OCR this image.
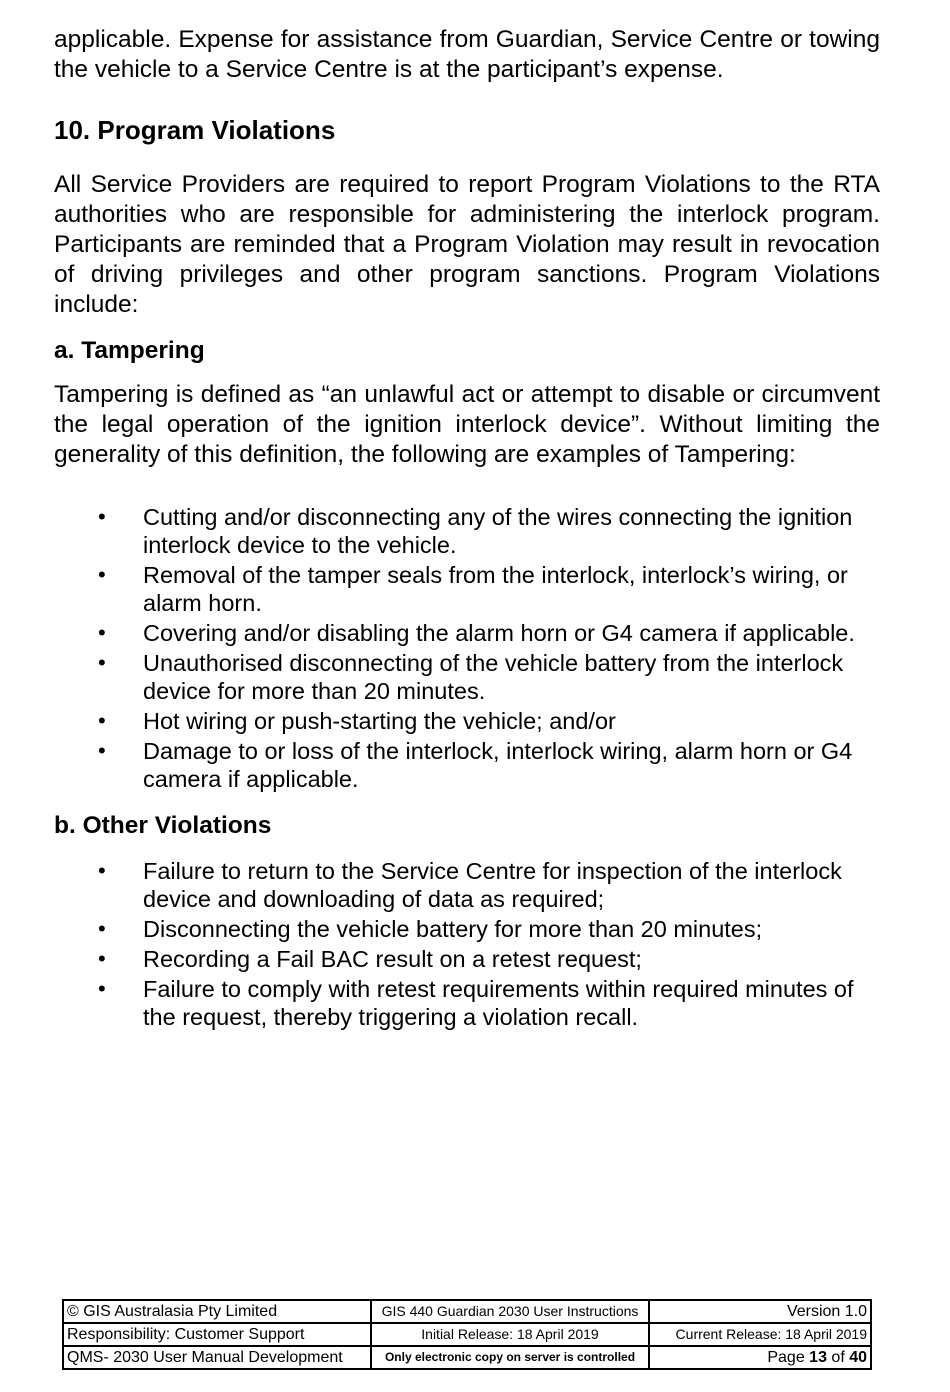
applicable. Expense for assistance from Guardian, Service Centre or towing the vehicle to a Service Centre is at the participant’s expense.

10. Program Violations

All Service Providers are required to report Program Violations to the RTA authorities who are responsible for administering the interlock program. Participants are reminded that a Program Violation may result in revocation of driving privileges and other program sanctions. Program Violations include:

a. Tampering

Tampering is defined as “an unlawful act or attempt to disable or circumvent the legal operation of the ignition interlock device”. Without limiting the generality of this definition, the following are examples of Tampering:

• Cutting and/or disconnecting any of the wires connecting the ignition interlock device to the vehicle.
• Removal of the tamper seals from the interlock, interlock’s wiring, or alarm horn.
• Covering and/or disabling the alarm horn or G4 camera if applicable.
• Unauthorised disconnecting of the vehicle battery from the interlock device for more than 20 minutes.
• Hot wiring or push-starting the vehicle; and/or
• Damage to or loss of the interlock, interlock wiring, alarm horn or G4 camera if applicable.
b. Other Violations
• Failure to return to the Service Centre for inspection of the interlock device and downloading of data as required;
• Disconnecting the vehicle battery for more than 20 minutes;
• Recording a Fail BAC result on a retest request;
• Failure to comply with retest requirements within required minutes of the request, thereby triggering a violation recall.
© GIS Australasia Pty Limited	GIS 440 Guardian 2030 User Instructions	Version 1.0
Responsibility: Customer Support	Initial Release: 18 April 2019	Current Release: 18 April 2019
QMS- 2030 User Manual Development	Only electronic copy on server is controlled	Page 13 of 40
